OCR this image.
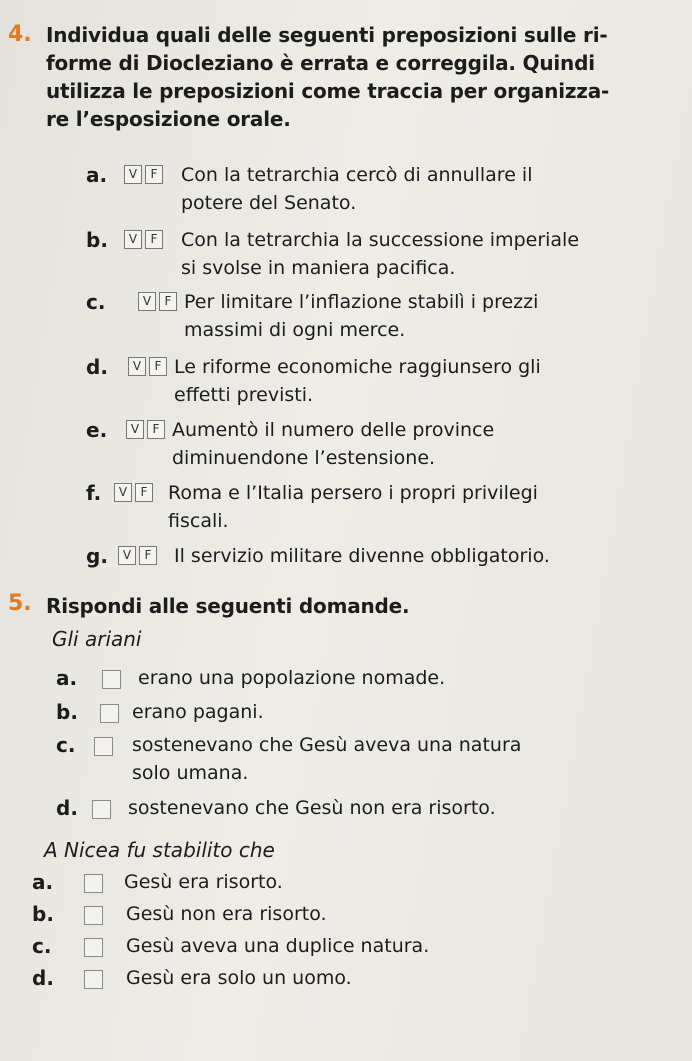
4. Individua quali delle seguenti preposizioni sulle ri-
forme di Diocleziano è errata e correggila. Quindi
utilizza le preposizioni come traccia per organizza-
re l’esposizione orale.
a.	V	F Con la tetrarchia cercò di annullare il
potere del Senato.
b.	V	F Con la tetrarchia la successione imperiale
si svolse in maniera pacifica.
c.	V	F Per limitare l’inflazione stabilì i prezzi
massimi di ogni merce.
d.	V	F Le riforme economiche raggiunsero gli
effetti previsti.
e.	V	F Aumentò il numero delle province
diminuendone l’estensione.
f.	V	F Roma e l’Italia persero i propri privilegi
fiscali.
g.	V	F Il servizio militare divenne obbligatorio.
5. Rispondi alle seguenti domande.
Gli ariani
a.	erano una popolazione nomade.
b.	erano pagani.
c.	sostenevano che Gesù aveva una natura
solo umana.
d.	sostenevano che Gesù non era risorto.
A Nicea fu stabilito che
a.	Gesù era risorto.
b.	Gesù non era risorto.
c.	Gesù aveva una duplice natura.
d.	Gesù era solo un uomo.
